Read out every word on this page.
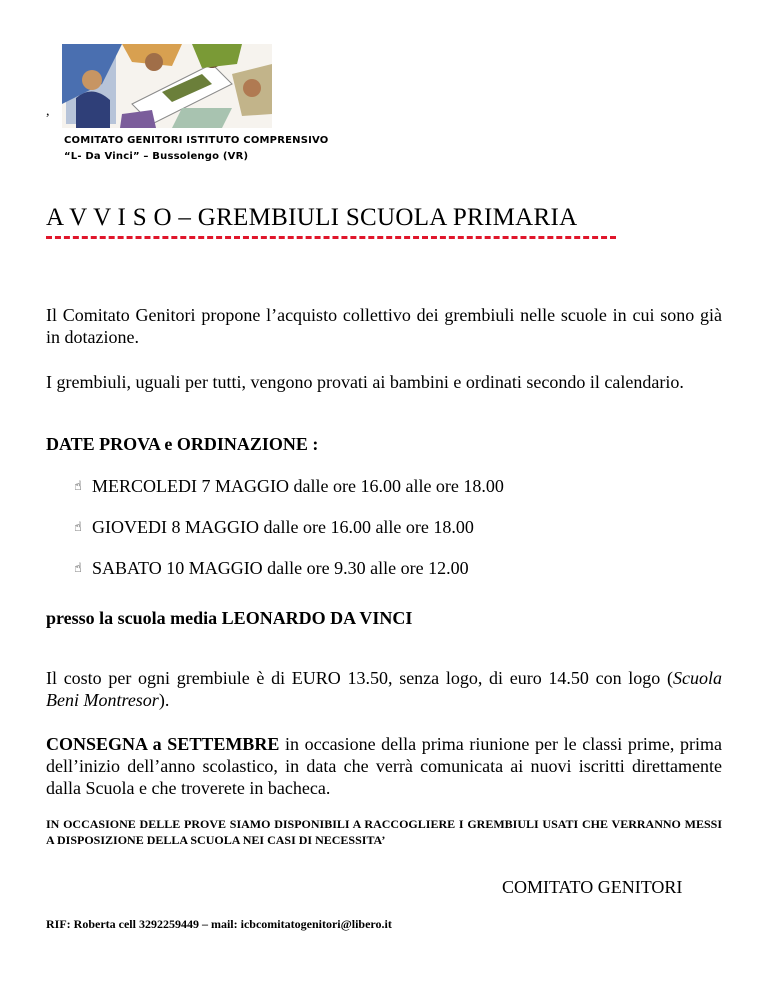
,
COMITATO GENITORI ISTITUTO COMPRENSIVO
“L- Da Vinci” – Bussolengo (VR)
A V V I S O – GREMBIULI SCUOLA PRIMARIA
Il Comitato Genitori propone l’acquisto collettivo dei grembiuli nelle scuole in cui sono già in dotazione.
I grembiuli, uguali per tutti, vengono provati ai bambini e ordinati secondo il calendario.
DATE PROVA e ORDINAZIONE :
☝ MERCOLEDI 7 MAGGIO dalle ore 16.00 alle ore 18.00
☝ GIOVEDI 8 MAGGIO dalle ore 16.00 alle ore 18.00
☝ SABATO 10 MAGGIO dalle ore 9.30 alle ore 12.00
presso la scuola media LEONARDO DA VINCI
Il costo per ogni grembiule è di EURO 13.50, senza logo, di euro 14.50 con logo (Scuola Beni Montresor).
CONSEGNA a SETTEMBRE in occasione della prima riunione per le classi prime, prima dell’inizio dell’anno scolastico, in data che verrà comunicata ai nuovi iscritti direttamente dalla Scuola e che troverete in bacheca.
IN OCCASIONE DELLE PROVE SIAMO DISPONIBILI A RACCOGLIERE I GREMBIULI USATI CHE VERRANNO MESSI A DISPOSIZIONE DELLA SCUOLA NEI CASI DI NECESSITA’
COMITATO GENITORI
RIF: Roberta cell 3292259449 – mail: icbcomitatogenitori@libero.it
